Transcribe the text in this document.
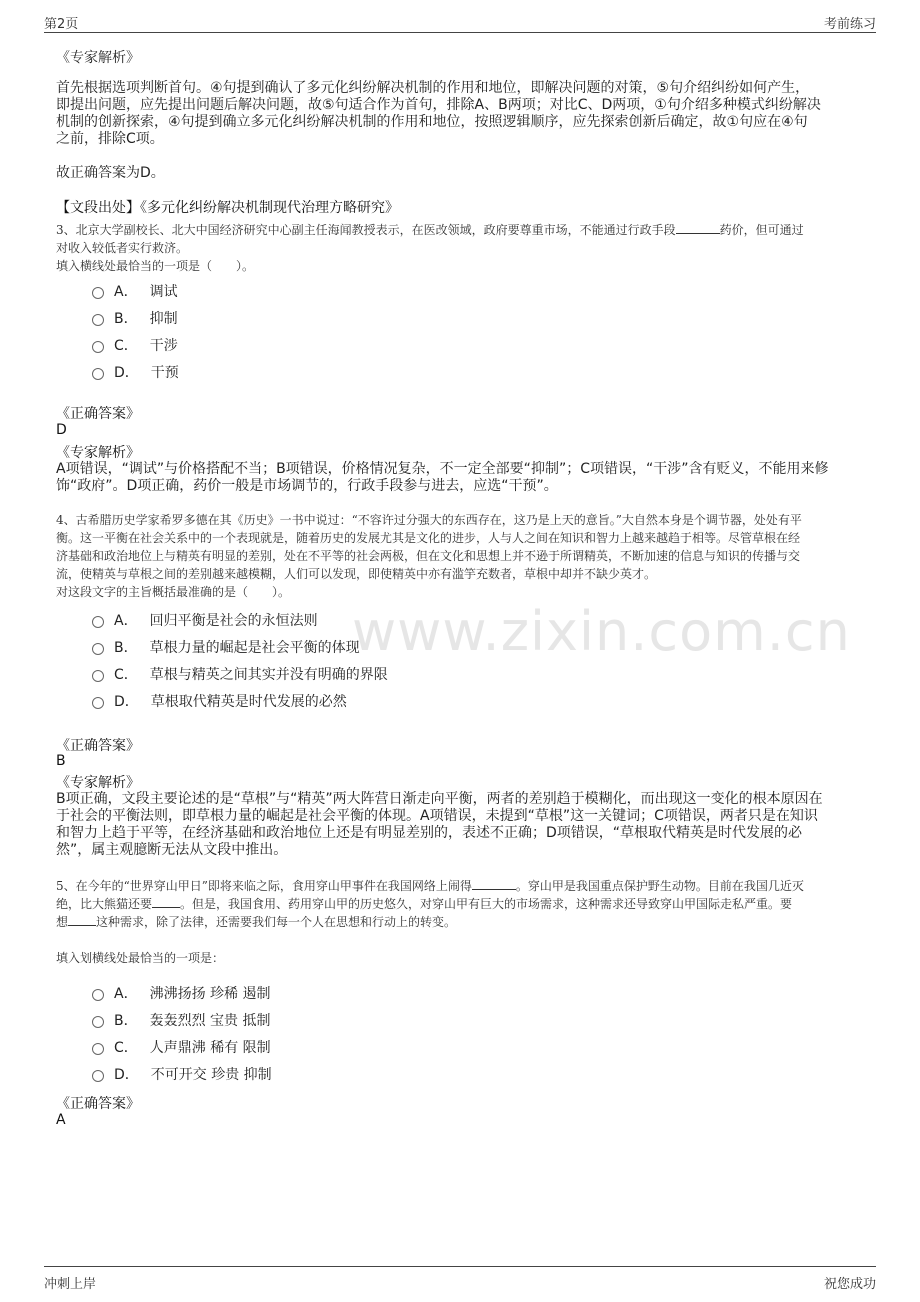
第2页	考前练习
www.zixin.com.cn
《专家解析》

首先根据选项判断首句。④句提到确认了多元化纠纷解决机制的作用和地位，即解决问题的对策，⑤句介绍纠纷如何产生，

即提出问题，应先提出问题后解决问题，故⑤句适合作为首句，排除A、B两项；对比C、D两项，①句介绍多种模式纠纷解决

机制的创新探索，④句提到确立多元化纠纷解决机制的作用和地位，按照逻辑顺序，应先探索创新后确定，故①句应在④句

之前，排除C项。

故正确答案为D。
【文段出处】《多元化纠纷解决机制现代治理方略研究》

3、北京大学副校长、北大中国经济研究中心副主任海闻教授表示，在医改领域，政府要尊重市场，不能通过行政手段	药价，但可通过

对收入较低者实行救济。

填入横线处最恰当的一项是（　　）。

A． 调试
B． 抑制
C． 干涉
D． 干预
《正确答案》
D
《专家解析》

A项错误，“调试”与价格搭配不当；B项错误，价格情况复杂，不一定全部要“抑制”；C项错误，“干涉”含有贬义，不能用来修

饰“政府”。D项正确，药价一般是市场调节的，行政手段参与进去，应选“干预”。

4、古希腊历史学家希罗多德在其《历史》一书中说过：“不容许过分强大的东西存在，这乃是上天的意旨。”大自然本身是个调节器，处处有平

衡。这一平衡在社会关系中的一个表现就是，随着历史的发展尤其是文化的进步，人与人之间在知识和智力上越来越趋于相等。尽管草根在经

济基础和政治地位上与精英有明显的差别，处在不平等的社会两极，但在文化和思想上并不逊于所谓精英，不断加速的信息与知识的传播与交

流，使精英与草根之间的差别越来越模糊，人们可以发现，即使精英中亦有滥竽充数者，草根中却并不缺少英才。

对这段文字的主旨概括最准确的是（　　）。

A． 回归平衡是社会的永恒法则
B． 草根力量的崛起是社会平衡的体现
C． 草根与精英之间其实并没有明确的界限
D． 草根取代精英是时代发展的必然
《正确答案》
B
《专家解析》

B项正确，文段主要论述的是“草根”与“精英”两大阵营日渐走向平衡，两者的差别趋于模糊化，而出现这一变化的根本原因在

于社会的平衡法则，即草根力量的崛起是社会平衡的体现。A项错误，未提到“草根”这一关键词；C项错误，两者只是在知识

和智力上趋于平等，在经济基础和政治地位上还是有明显差别的，表述不正确；D项错误，“草根取代精英是时代发展的必

然”，属主观臆断无法从文段中推出。

5、在今年的“世界穿山甲日”即将来临之际，食用穿山甲事件在我国网络上闹得	。穿山甲是我国重点保护野生动物。目前在我国几近灭

绝，比大熊猫还要 。但是，我国食用、药用穿山甲的历史悠久，对穿山甲有巨大的市场需求，这种需求还导致穿山甲国际走私严重。要

想 这种需求，除了法律，还需要我们每一个人在思想和行动上的转变。

填入划横线处最恰当的一项是：

A． 沸沸扬扬 珍稀 遏制
B． 轰轰烈烈 宝贵 抵制
C． 人声鼎沸 稀有 限制
D． 不可开交 珍贵 抑制
《正确答案》
A
冲刺上岸	祝您成功
